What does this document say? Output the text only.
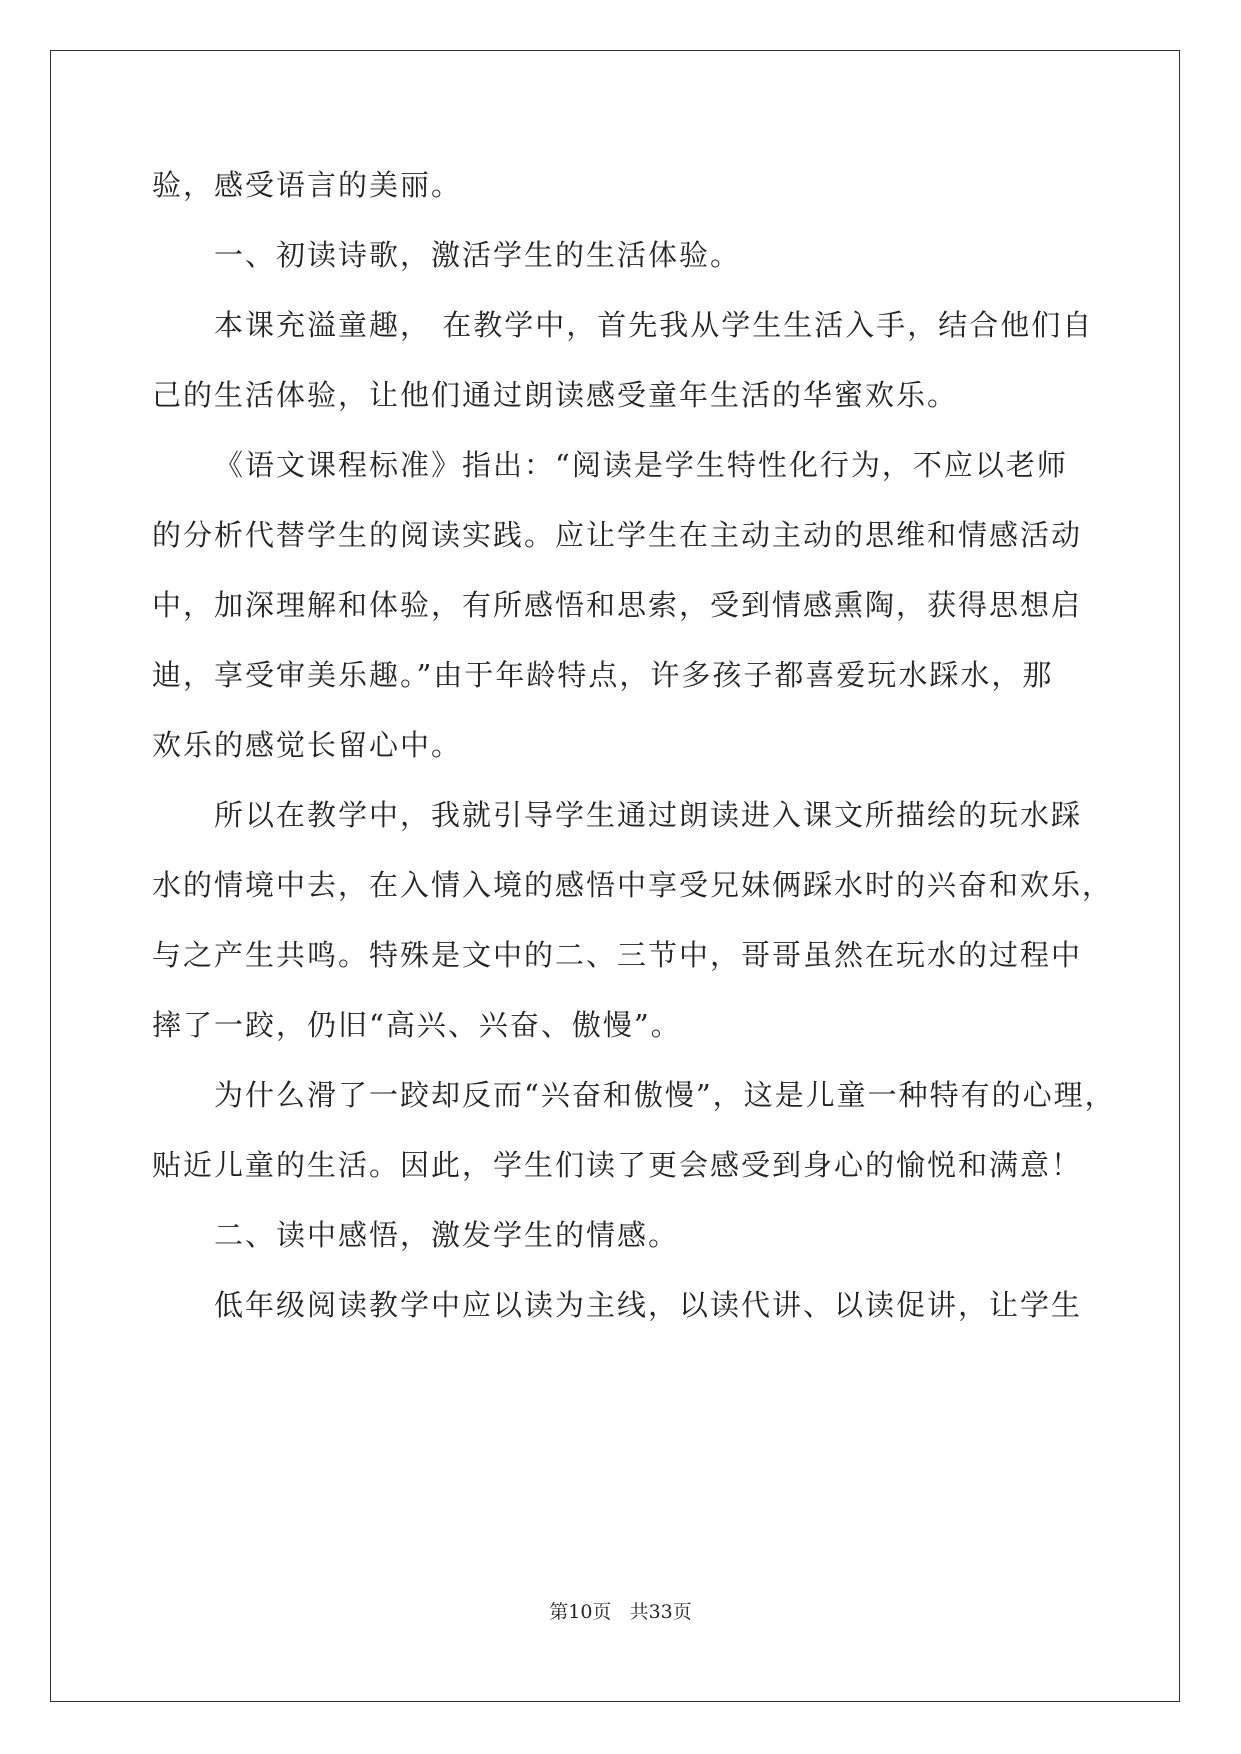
验，感受语言的美丽。
一、初读诗歌，激活学生的生活体验。
本课充溢童趣， 在教学中，首先我从学生生活入手，结合他们自
己的生活体验，让他们通过朗读感受童年生活的华蜜欢乐。
《语文课程标准》指出：“阅读是学生特性化行为，不应以老师
的分析代替学生的阅读实践。应让学生在主动主动的思维和情感活动
中，加深理解和体验，有所感悟和思索，受到情感熏陶，获得思想启
迪，享受审美乐趣。”由于年龄特点，许多孩子都喜爱玩水踩水，那
欢乐的感觉长留心中。
所以在教学中，我就引导学生通过朗读进入课文所描绘的玩水踩
水的情境中去，在入情入境的感悟中享受兄妹俩踩水时的兴奋和欢乐，
与之产生共鸣。特殊是文中的二、三节中，哥哥虽然在玩水的过程中
摔了一跤，仍旧“高兴、兴奋、傲慢”。
为什么滑了一跤却反而“兴奋和傲慢”，这是儿童一种特有的心理，
贴近儿童的生活。因此，学生们读了更会感受到身心的愉悦和满意！
二、读中感悟，激发学生的情感。
低年级阅读教学中应以读为主线，以读代讲、以读促讲，让学生
第10页 共33页
